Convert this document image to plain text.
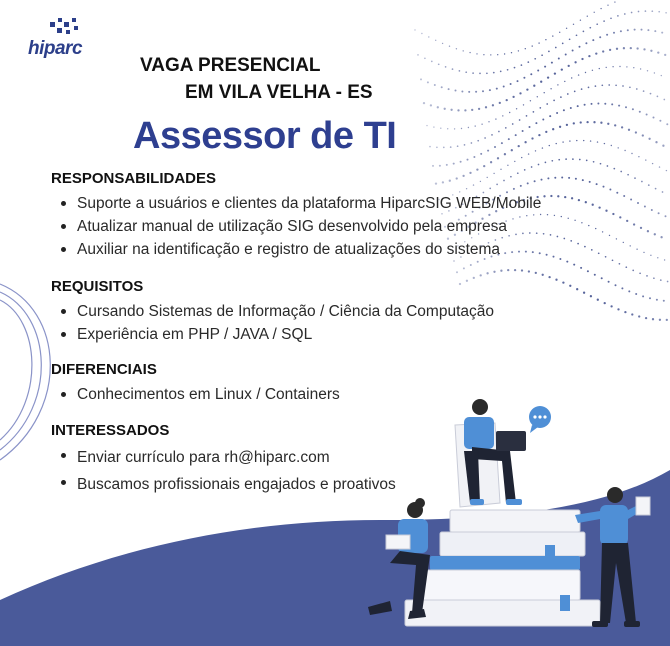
hiparc
VAGA PRESENCIAL
EM VILA VELHA - ES
Assessor de TI
RESPONSABILIDADES
Suporte a usuários e clientes da plataforma HiparcSIG WEB/Mobile
Atualizar manual de utilização SIG desenvolvido pela empresa
Auxiliar na identificação e registro de atualizações do sistema
REQUISITOS
Cursando Sistemas de Informação / Ciência da Computação
Experiência em PHP / JAVA / SQL
DIFERENCIAIS
Conhecimentos em Linux / Containers
INTERESSADOS
Enviar currículo para rh@hiparc.com
Buscamos profissionais engajados e proativos
